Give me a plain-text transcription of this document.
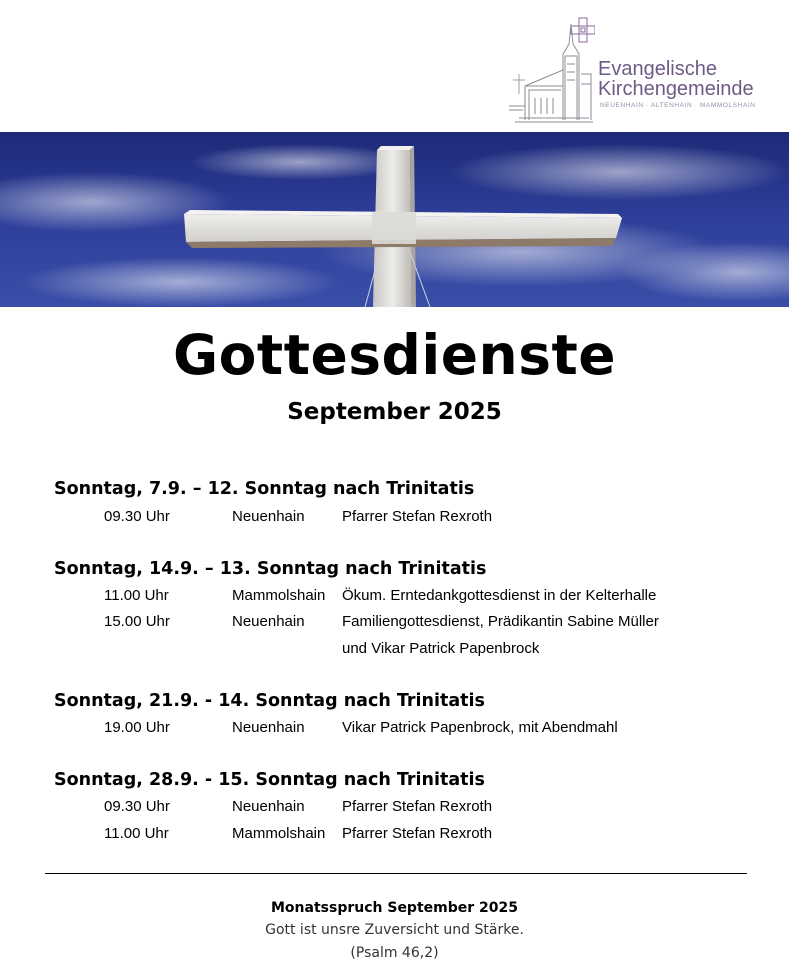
Evangelische
Kirchengemeinde
NEUENHAIN · ALTENHAIN · MAMMOLSHAIN
Gottesdienste
September 2025
Sonntag, 7.9. – 12. Sonntag nach Trinitatis
09.30 Uhr	Neuenhain Pfarrer Stefan Rexroth
Sonntag, 14.9. – 13. Sonntag nach Trinitatis
11.00 Uhr	Mammolshain Ökum. Erntedankgottesdienst in der Kelterhalle
15.00 Uhr	Neuenhain Familiengottesdienst, Prädikantin Sabine Müller
und Vikar Patrick Papenbrock
Sonntag, 21.9. - 14. Sonntag nach Trinitatis
19.00 Uhr	Neuenhain Vikar Patrick Papenbrock, mit Abendmahl
Sonntag, 28.9. - 15. Sonntag nach Trinitatis
09.30 Uhr	Neuenhain Pfarrer Stefan Rexroth
11.00 Uhr	Mammolshain Pfarrer Stefan Rexroth
Monatsspruch September 2025
Gott ist unsre Zuversicht und Stärke.
(Psalm 46,2)
